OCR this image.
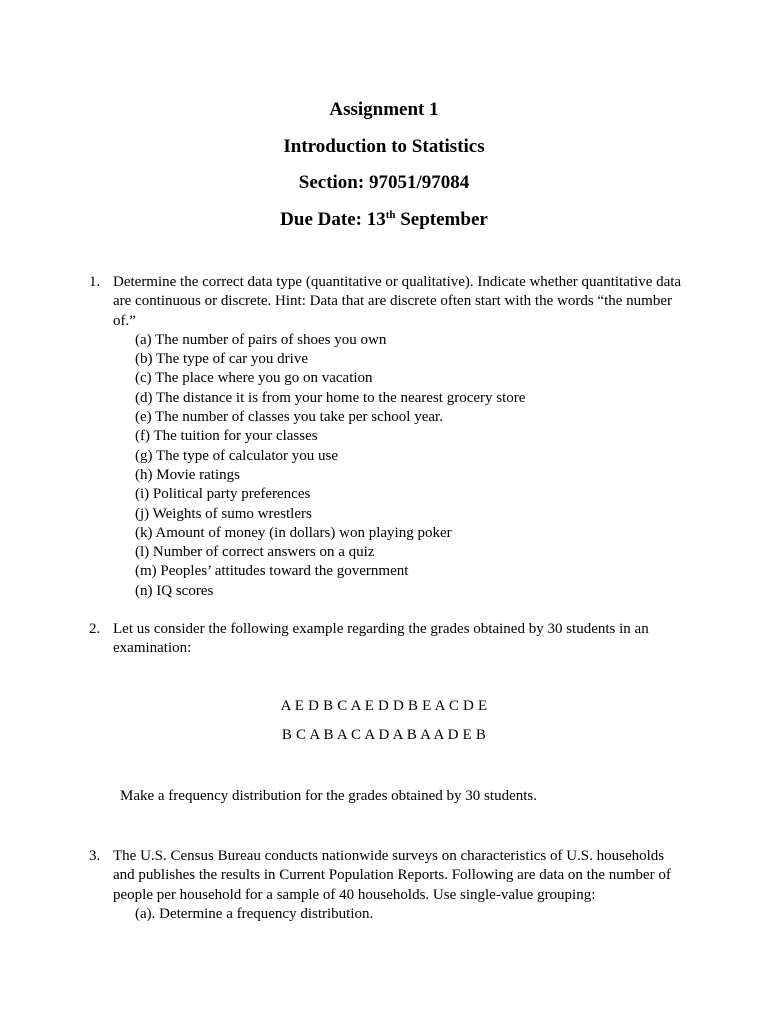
Assignment 1
Introduction to Statistics
Section: 97051/97084
Due Date: 13th September
1. Determine the correct data type (quantitative or qualitative). Indicate whether quantitative data are continuous or discrete. Hint: Data that are discrete often start with the words “the number of.”
(a) The number of pairs of shoes you own
(b) The type of car you drive
(c) The place where you go on vacation
(d) The distance it is from your home to the nearest grocery store
(e) The number of classes you take per school year.
(f) The tuition for your classes
(g) The type of calculator you use
(h) Movie ratings
(i) Political party preferences
(j) Weights of sumo wrestlers
(k) Amount of money (in dollars) won playing poker
(l) Number of correct answers on a quiz
(m) Peoples’ attitudes toward the government
(n) IQ scores
2. Let us consider the following example regarding the grades obtained by 30 students in an examination:
A E D B C A E D D B E A C D E
B C A B A C A D A B A A D E B
Make a frequency distribution for the grades obtained by 30 students.
3. The U.S. Census Bureau conducts nationwide surveys on characteristics of U.S. households and publishes the results in Current Population Reports. Following are data on the number of people per household for a sample of 40 households. Use single-value grouping:
(a). Determine a frequency distribution.
